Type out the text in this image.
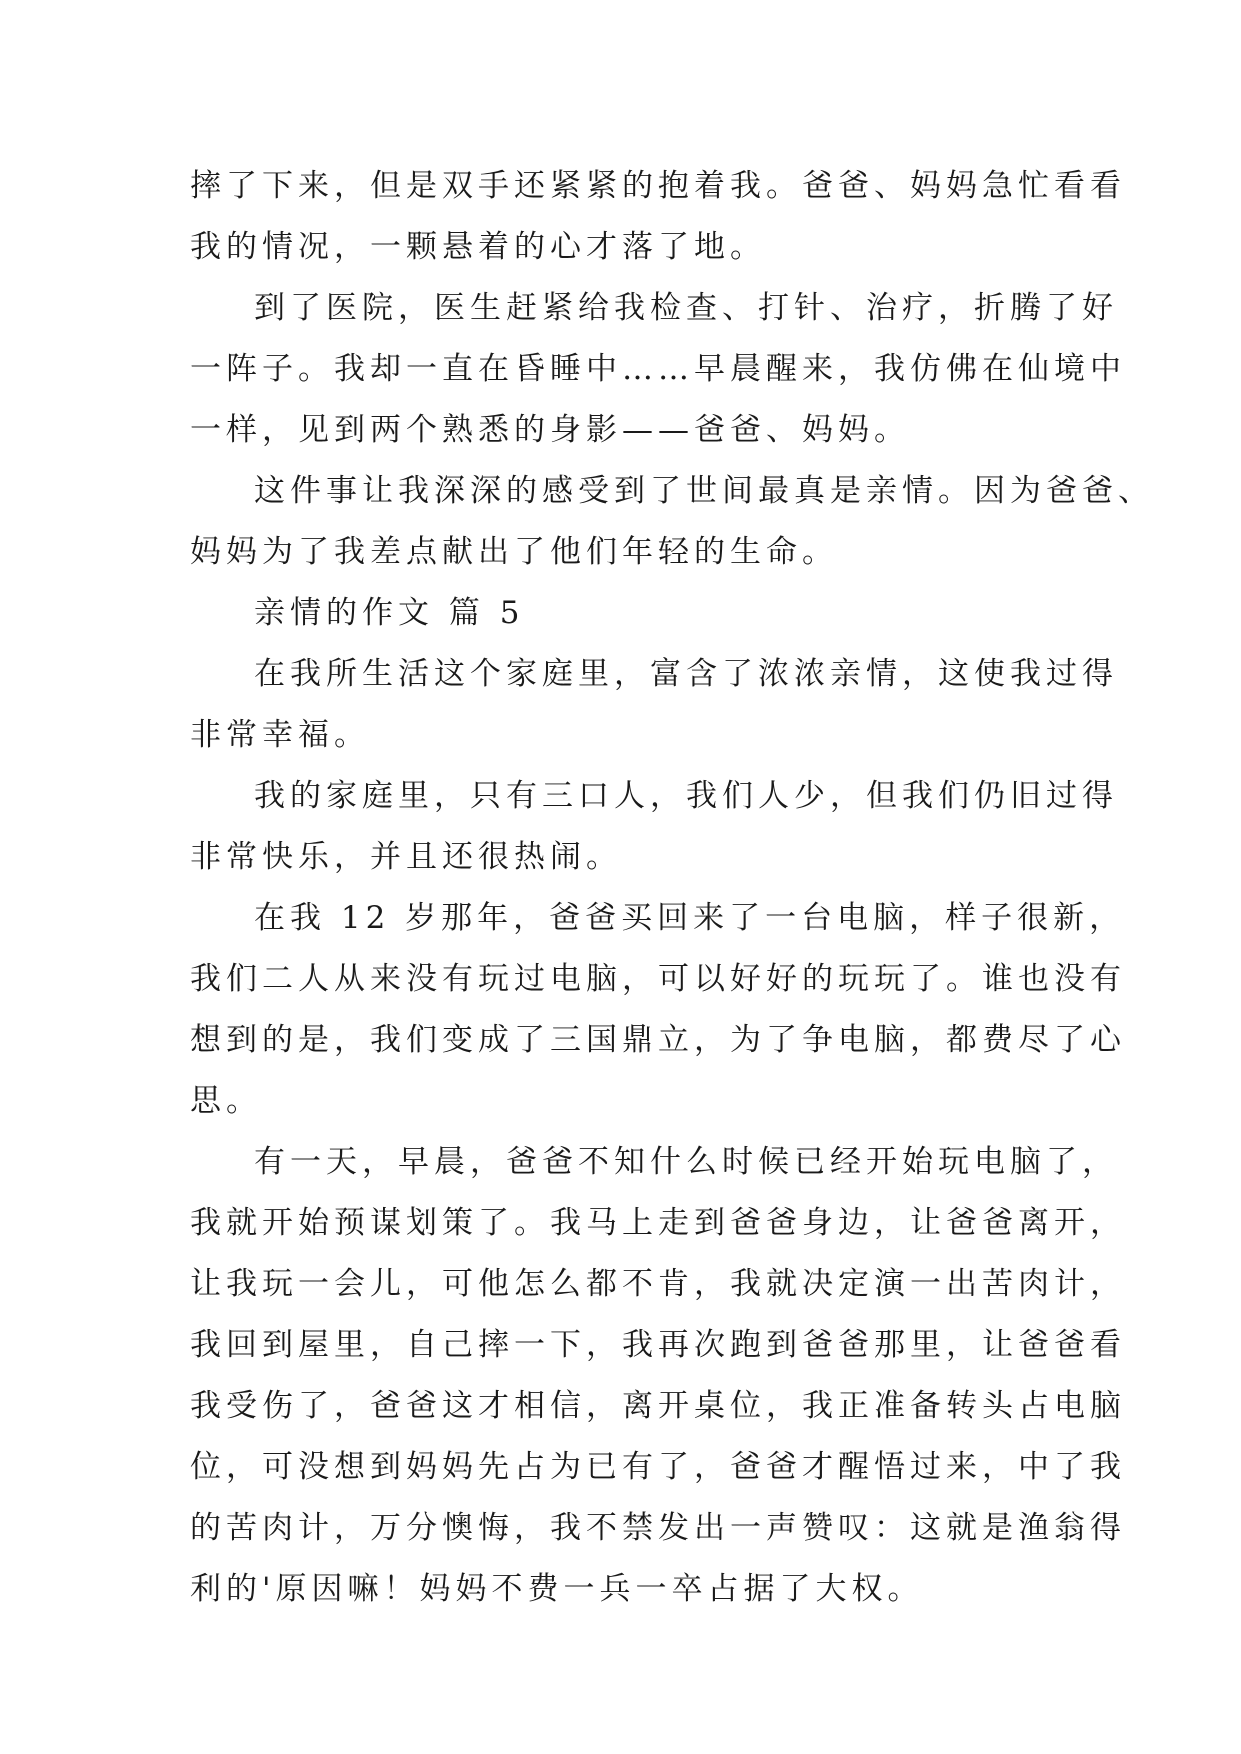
摔了下来，但是双手还紧紧的抱着我。爸爸、妈妈急忙看看
我的情况，一颗悬着的心才落了地。
到了医院，医生赶紧给我检查、打针、治疗，折腾了好
一阵子。我却一直在昏睡中……早晨醒来，我仿佛在仙境中
一样，见到两个熟悉的身影——爸爸、妈妈。
这件事让我深深的感受到了世间最真是亲情。因为爸爸、
妈妈为了我差点献出了他们年轻的生命。
亲情的作文 篇 5
在我所生活这个家庭里，富含了浓浓亲情，这使我过得
非常幸福。
我的家庭里，只有三口人，我们人少，但我们仍旧过得
非常快乐，并且还很热闹。
在我 12 岁那年，爸爸买回来了一台电脑，样子很新，
我们二人从来没有玩过电脑，可以好好的玩玩了。谁也没有
想到的是，我们变成了三国鼎立，为了争电脑，都费尽了心
思。
有一天，早晨，爸爸不知什么时候已经开始玩电脑了，
我就开始预谋划策了。我马上走到爸爸身边，让爸爸离开，
让我玩一会儿，可他怎么都不肯，我就决定演一出苦肉计，
我回到屋里，自己摔一下，我再次跑到爸爸那里，让爸爸看
我受伤了，爸爸这才相信，离开桌位，我正准备转头占电脑
位，可没想到妈妈先占为已有了，爸爸才醒悟过来，中了我
的苦肉计，万分懊悔，我不禁发出一声赞叹：这就是渔翁得
利的'原因嘛！妈妈不费一兵一卒占据了大权。
